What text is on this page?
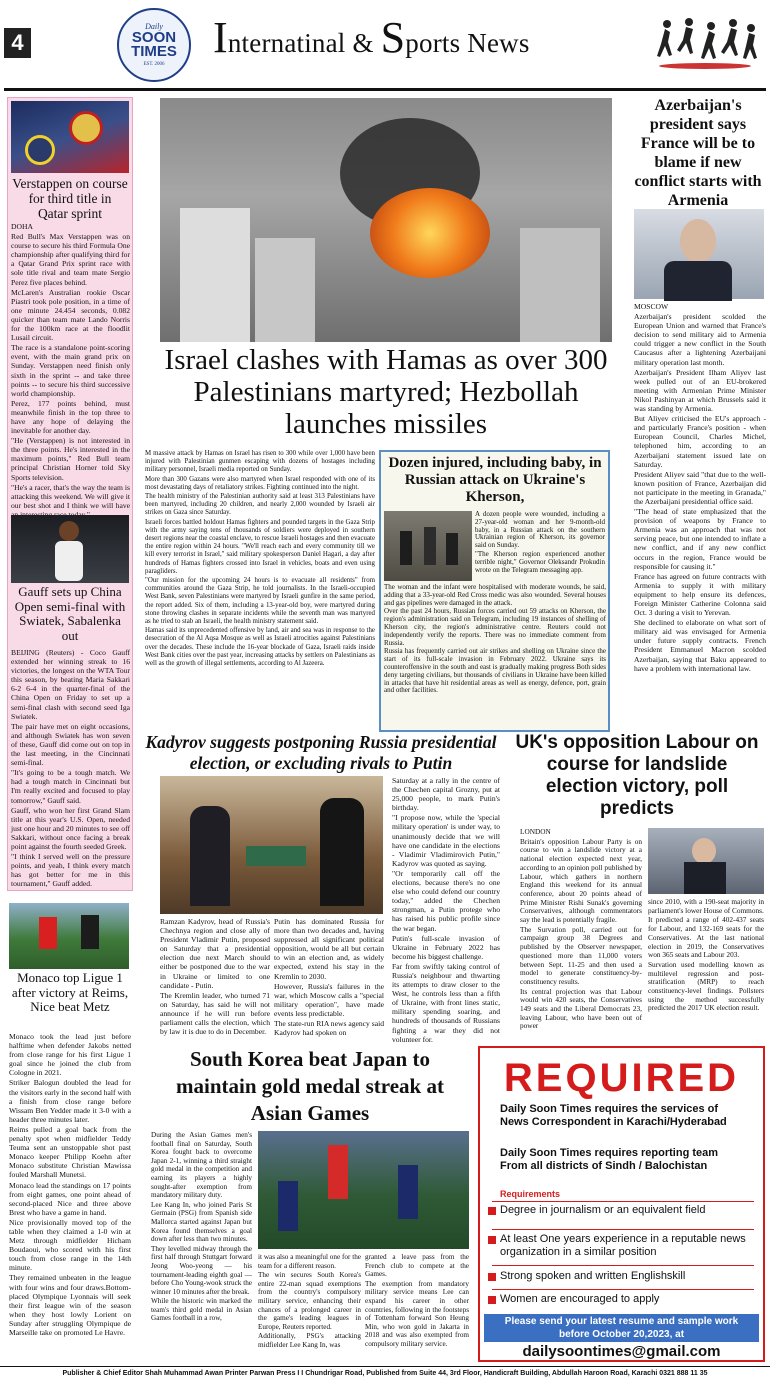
4
Daily
SOON
TIMES
EST. 2006
Internatinal & Sports News
Verstappen on course for third title in Qatar sprint

DOHA

Red Bull's Max Verstappen was on course to secure his third Formula One championship after qualifying third for a Qatar Grand Prix sprint race with sole title rival and team mate Sergio Perez five places behind.

McLaren's Australian rookie Oscar Piastri took pole position, in a time of one minute 24.454 seconds, 0.082 quicker than team mate Lando Norris for the 100km race at the floodlit Lusail circuit.

The race is a standalone point-scoring event, with the main grand prix on Sunday. Verstappen need finish only sixth in the sprint -- and take three points -- to secure his third successive world championship.

Perez, 177 points behind, must meanwhile finish in the top three to have any hope of delaying the inevitable for another day.

"He (Verstappen) is not interested in the three points. He's interested in the maximum points," Red Bull team principal Christian Horner told Sky Sports television.

"He's a racer, that's the way the team is attacking this weekend. We will give it our best shot and I think we will have

Gauff sets up China Open semi-final with Swiatek, Sabalenka out

BEIJING (Reuters) - Coco Gauff extended her winning streak to 16 victories, the longest on the WTA Tour this season, by beating Maria Sakkari 6-2 6-4 in the quarter-final of the China Open on Friday to set up a semi-final clash with second seed Iga Swiatek.

The pair have met on eight occasions, and although Swiatek has won seven of these, Gauff did come out on top in the last meeting, in the Cincinnati semi-final.

"It's going to be a tough match. We had a tough match in Cincinnati but I'm really excited and focused to play tomorrow," Gauff said.

Gauff, who won her first Grand Slam title at this year's U.S. Open, needed just one hour and 20 minutes to see off Sakkari, without once facing a break point against the fourth seeded Greek.

"I think I served well on the pressure points, and yeah, I think every match has got better for me in this tournament," Gauff added.

Monaco top Ligue 1 after victory at Reims, Nice beat Metz

Monaco took the lead just before halftime when defender Jakobs netted from close range for his first Ligue 1 goal since he joined the club from Cologne in 2021.

Striker Balogun doubled the lead for the visitors early in the second half with a finish from close range before Wissam Ben Yedder made it 3-0 with a header three minutes later.

Reims pulled a goal back from the penalty spot when midfielder Teddy Teuma sent an unstoppable shot past Monaco keeper Philipp Koehn after Monaco substitute Christian Mawissa fouled Marshall Munetsi.

Monaco lead the standings on 17 points from eight games, one point ahead of second-placed Nice and three above Brest who have a game in hand.

Nice provisionally moved top of the table when they claimed a 1-0 win at Metz through midfielder Hicham Boudaoui, who scored with his first touch from close range in the 14th minute.

They remained unbeaten in the league with four wins and four draws.Bottom-placed Olympique Lyonnais will seek their first league win of the season when they host lowly Lorient on Sunday after struggling Olympique de Marseille take on promoted Le Havre.

Israel clashes with Hamas as over 300 Palestinians martyred; Hezbollah launches missiles

M massive attack by Hamas on Israel has risen to 300 while over 1,000 have been injured with Palestinian gunmen escaping with dozens of hostages including military personnel, Israeli media reported on Sunday.

More than 300 Gazans were also martyred when Israel responded with one of its most devastating days of retaliatory strikes. Fighting continued into the night.

The health ministry of the Palestinian authority said at least 313 Palestinians have been martyred, including 20 children, and nearly 2,000 wounded by Israeli air strikes on Gaza since Saturday.

Israeli forces battled holdout Hamas fighters and pounded targets in the Gaza Strip with the army saying tens of thousands of soldiers were deployed in southern desert regions near the coastal enclave, to rescue Israeli hostages and then evacuate the entire region within 24 hours. "We'll reach each and every community till we kill every terrorist in Israel," said military spokesperson Daniel Hagari, a day after hundreds of Hamas fighters crossed into Israel in vehicles, boats and even using paragliders.

"Our mission for the upcoming 24 hours is to evacuate all residents" from communities around the Gaza Strip, he told journalists. In the Israeli-occupied West Bank, seven Palestinians were martyred by Israeli gunfire in the same period, the report added. Six of them, including a 13-year-old boy, were martyred during stone throwing clashes in separate incidents while the seventh man was martyred as he tried to stab an Israeli, the health ministry statement said.

Hamas said its unprecedented offensive by land, air and sea was in response to the desecration of the Al Aqsa Mosque as well as Israeli atrocities against Palestinians over the decades. These include the 16-year blockade of Gaza, Israeli raids inside West Bank cities over the past year, increasing attacks by settlers on Palestinians as well as the growth of illegal settlements, according to Al Jazeera.

Dozen injured, including baby, in Russian attack on Ukraine's Kherson,

A dozen people were wounded, including a 27-year-old woman and her 9-month-old baby, in a Russian attack on the southern Ukrainian region of Kherson, its governor said on Sunday.

"The Kherson region experienced another terrible night," Governor Oleksandr Prokudin wrote on the Telegram messaging app.

The woman and the infant were hospitalised with moderate wounds, he said, adding that a 33-year-old Red Cross medic was also wounded. Several houses and gas pipelines were damaged in the attack.

Over the past 24 hours, Russian forces carried out 59 attacks on Kherson, the region's administration said on Telegram, including 19 instances of shelling of Kherson city, the region's administrative centre. Reuters could not independently verify the reports. There was no immediate comment from Russia.

Russia has frequently carried out air strikes and shelling on Ukraine since the start of its full-scale invasion in February 2022. Ukraine says its counteroffensive in the south and east is gradually making progress Both sides deny targeting civilians, but thousands of civilians in Ukraine have been killed in attacks that have hit residential areas as well as energy, defence, port, grain and other facilities.

Azerbaijan's president says France will be to blame if new conflict starts with Armenia

MOSCOW

Azerbaijan's president scolded the European Union and warned that France's decision to send military aid to Armenia could trigger a new conflict in the South Caucasus after a lightening Azerbaijani military operation last month.

Azerbaijan's President Ilham Aliyev last week pulled out of an EU-brokered meeting with Armenian Prime Minister Nikol Pashinyan at which Brussels said it was standing by Armenia.

But Aliyev criticised the EU's approach - and particularly France's position - when European Council, Charles Michel, telephoned him, according to an Azerbaijani statement issued late on Saturday.

President Aliyev said "that due to the well-known position of France, Azerbaijan did not participate in the meeting in Granada," the Azerbaijani presidential office said.

"The head of state emphasized that the provision of weapons by France to Armenia was an approach that was not serving peace, but one intended to inflate a new conflict, and if any new conflict occurs in the region, France would be responsible for causing it."

France has agreed on future contracts with Armenia to supply it with military equipment to help ensure its defences, Foreign Minister Catherine Colonna said Oct. 3 during a visit to Yerevan.

She declined to elaborate on what sort of military aid was envisaged for Armenia under future supply contracts. French President Emmanuel Macron scolded Azerbaijan, saying that Baku appeared to have a problem with international law.

Kadyrov suggests postponing Russia presidential election, or excluding rivals to Putin

Ramzan Kadyrov, head of Russia's Chechnya region and close ally of President Vladimir Putin, proposed on Saturday that a presidential election due next March should either be postponed due to the war in Ukraine or limited to one candidate - Putin.

The Kremlin leader, who turned 71 on Saturday, has said he will not announce if he will run before parliament calls the election, which by law it is due to do in December.

Putin has dominated Russia for more than two decades and, having suppressed all significant political opposition, would be all but certain to win an election and, as widely expected, extend his stay in the Kremlin to 2030.

However, Russia's failures in the war, which Moscow calls a "special military operation", have made events less predictable.

The state-run RIA news agency said Kadyrov had spoken on

Saturday at a rally in the centre of the Chechen capital Grozny, put at 25,000 people, to mark Putin's birthday.

"I propose now, while the 'special military operation' is under way, to unanimously decide that we will have one candidate in the elections - Vladimir Vladimirovich Putin," Kadyrov was quoted as saying.

"Or temporarily call off the elections, because there's no one else who could defend our country today," added the Chechen strongman, a Putin protege who has raised his public profile since the war began.

Putin's full-scale invasion of Ukraine in February 2022 has become his biggest challenge.

Far from swiftly taking control of Russia's neighbour and thwarting its attempts to draw closer to the West, he controls less than a fifth of Ukraine, with front lines static, military spending soaring, and hundreds of thousands of Russians fighting a war they did not volunteer for.

UK's opposition Labour on course for landslide election victory, poll predicts

LONDON

Britain's opposition Labour Party is on course to win a landslide victory at a national election expected next year, according to an opinion poll published by Labour, which gathers in northern England this weekend for its annual conference, about 20 points ahead of Prime Minister Rishi Sunak's governing Conservatives, although commentators say the lead is potentially fragile.

The Survation poll, carried out for campaign group 38 Degrees and published by the Observer newspaper, questioned more than 11,000 voters between Sept. 11-25 and then used a model to generate constituency-by-constituency results.

Its central projection was that Labour would win 420 seats, the Conservatives 149 seats and the Liberal Democrats 23, leaving Labour, who have been out of power

since 2010, with a 190-seat majority in parliament's lower House of Commons.

It predicted a range of 402-437 seats for Labour, and 132-169 seats for the Conservatives. At the last national election in 2019, the Conservatives won 365 seats and Labour 203.

Survation used modelling known as multilevel regression and post-stratification (MRP) to reach constituency-level findings. Pollsters using the method successfully predicted the 2017 UK election result.

South Korea beat Japan to maintain gold medal streak at Asian Games

During the Asian Games men's football final on Saturday, South Korea fought back to overcome Japan 2-1, winning a third straight gold medal in the competition and earning its players a highly sought-after exemption from mandatory military duty.

Lee Kang In, who joined Paris St Germain (PSG) from Spanish side Mallorca started against Japan but Korea found themselves a goal down after less than two minutes.

They levelled midway through the first half through Stuttgart forward Jeong Woo-yeong — his tournament-leading eighth goal — before Cho Young-wook struck the winner 10 minutes after the break.

While the historic win marked the team's third gold medal in Asian Games football in a row,

it was also a meaningful one for the team for a different reason.

The win secures South Korea's entire 22-man squad exemptions from the country's compulsory military service, enhancing their chances of a prolonged career in the game's leading leagues in Europe, Reuters reported.

Additionally, PSG's attacking midfielder Lee Kang In, was

granted a leave pass from the French club to compete at the Games.

The exemption from mandatory military service means Lee can expand his career in other countries, following in the footsteps of Tottenham forward Son Heung Min, who won gold in Jakarta in 2018 and was also exempted from compulsory military service.

REQUIRED
Daily Soon Times requires the services of News Correspondent in Karachi/Hyderabad
Daily Soon Times requires reporting team From all districts of Sindh / Balochistan
Requirements
Degree in journalism or an equivalent field
At least One years experience in a reputable news organization in a similar position
Strong spoken and written Englishskill
Women are encouraged to apply
Please send your latest resume and sample work before October 20,2023, at
dailysoontimes@gmail.com
Publisher & Chief Editor Shah Muhammad Awan Printer Parwan Press I I Chundrigar Road, Published from Suite 44, 3rd Floor, Handicraft Building, Abdullah Haroon Road, Karachi 0321 888 11 35
